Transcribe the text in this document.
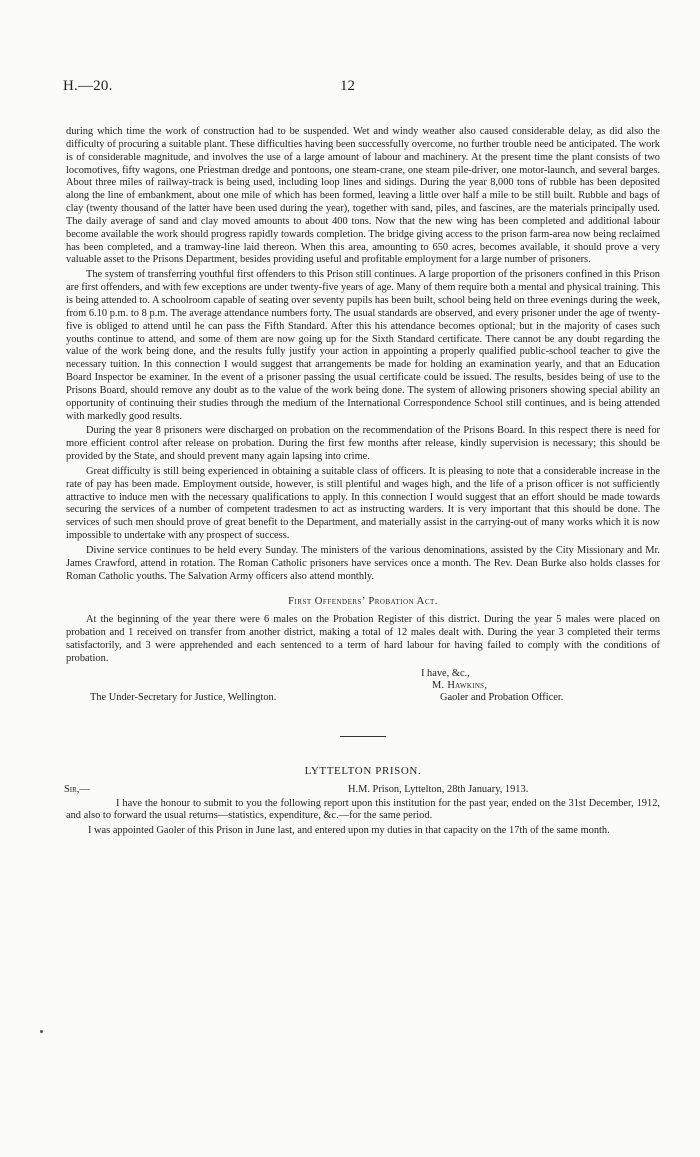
H.—20.	12

during which time the work of construction had to be suspended. Wet and windy weather also caused considerable delay, as did also the difficulty of procuring a suitable plant. These difficulties having been successfully overcome, no further trouble need be anticipated. The work is of considerable magnitude, and involves the use of a large amount of labour and machinery. At the present time the plant consists of two locomotives, fifty wagons, one Priestman dredge and pontoons, one steam-crane, one steam pile-driver, one motor-launch, and several barges. About three miles of railway-track is being used, including loop lines and sidings. During the year 8,000 tons of rubble has been deposited along the line of embankment, about one mile of which has been formed, leaving a little over half a mile to be still built. Rubble and bags of clay (twenty thousand of the latter have been used during the year), together with sand, piles, and fascines, are the materials principally used. The daily average of sand and clay moved amounts to about 400 tons. Now that the new wing has been completed and additional labour become available the work should progress rapidly towards completion. The bridge giving access to the prison farm-area now being reclaimed has been completed, and a tramway-line laid thereon. When this area, amounting to 650 acres, becomes available, it should prove a very valuable asset to the Prisons Department, besides providing useful and profitable employment for a large number of prisoners.

The system of transferring youthful first offenders to this Prison still continues. A large proportion of the prisoners confined in this Prison are first offenders, and with few exceptions are under twenty-five years of age. Many of them require both a mental and physical training. This is being attended to. A schoolroom capable of seating over seventy pupils has been built, school being held on three evenings during the week, from 6.10 p.m. to 8 p.m. The average attendance numbers forty. The usual standards are observed, and every prisoner under the age of twenty-five is obliged to attend until he can pass the Fifth Standard. After this his attendance becomes optional; but in the majority of cases such youths continue to attend, and some of them are now going up for the Sixth Standard certificate. There cannot be any doubt regarding the value of the work being done, and the results fully justify your action in appointing a properly qualified public-school teacher to give the necessary tuition. In this connection I would suggest that arrangements be made for holding an examination yearly, and that an Education Board Inspector be examiner. In the event of a prisoner passing the usual certificate could be issued. The results, besides being of use to the Prisons Board, should remove any doubt as to the value of the work being done. The system of allowing prisoners showing special ability an opportunity of continuing their studies through the medium of the International Correspondence School still continues, and is being attended with markedly good results.

During the year 8 prisoners were discharged on probation on the recommendation of the Prisons Board. In this respect there is need for more efficient control after release on probation. During the first few months after release, kindly supervision is necessary; this should be provided by the State, and should prevent many again lapsing into crime.

Great difficulty is still being experienced in obtaining a suitable class of officers. It is pleasing to note that a considerable increase in the rate of pay has been made. Employment outside, however, is still plentiful and wages high, and the life of a prison officer is not sufficiently attractive to induce men with the necessary qualifications to apply. In this connection I would suggest that an effort should be made towards securing the services of a number of competent tradesmen to act as instructing warders. It is very important that this should be done. The services of such men should prove of great benefit to the Department, and materially assist in the carrying-out of many works which it is now impossible to undertake with any prospect of success.

Divine service continues to be held every Sunday. The ministers of the various denominations, assisted by the City Missionary and Mr. James Crawford, attend in rotation. The Roman Catholic prisoners have services once a month. The Rev. Dean Burke also holds classes for Roman Catholic youths. The Salvation Army officers also attend monthly.

First Offenders’ Probation Act.

At the beginning of the year there were 6 males on the Probation Register of this district. During the year 5 males were placed on probation and 1 received on transfer from another district, making a total of 12 males dealt with. During the year 3 completed their terms satisfactorily, and 3 were apprehended and each sentenced to a term of hard labour for having failed to comply with the conditions of probation.

I have, &c.,
M. Hawkins,
The Under-Secretary for Justice, Wellington.	Gaoler and Probation Officer.
LYTTELTON PRISON.
Sir,—	H.M. Prison, Lyttelton, 28th January, 1913.

I have the honour to submit to you the following report upon this institution for the past year, ended on the 31st December, 1912, and also to forward the usual returns—statistics, expenditure, &c.—for the same period.

I was appointed Gaoler of this Prison in June last, and entered upon my duties in that capacity on the 17th of the same month.
